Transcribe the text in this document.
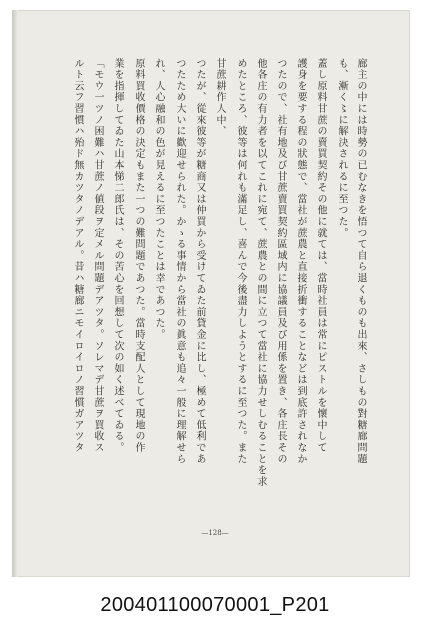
廊主の中には時勢の已むなきを悟つて自ら退くものも出來、さしもの對糖廊問題
も、漸く〻に解決されるに至つた。
蓋し原料甘蔗の賣買契約その他に就ては、當時社員は常にピストルを懷中して
護身を要する程の狀態で、當社が蔗農と直接折衝することなどは到底許されなか
つたので、社有地及び甘蔗賣買契約區域内に協議員及び用係を置き、各庄長その
他各庄の有力者を以てこれに宛て、蔗農との間に立つて當社に協力せしむることを求
めたところ、彼等は何れも滿足し、喜んで今後盡力しようとするに至つた。また
甘蔗耕作人中、
つたが、從來彼等が糖商又は仲買から受けてゐた前貸金に比し、極めて低利であ
つたため大いに歡迎せられた。かゝる事情から當社の眞意も追々一般に理解せら
れ、人心融和の色が見えるに至つたことは幸であつた。
原料買收價格の決定もまた一つの難問題であつた。當時支配人として現地の作
業を指揮してゐた山本悌二郎氏は、その苦心を回想して次の如く述べてゐる。
「モウ一ツノ困難ハ甘蔗ノ値段ヲ定メル問題デアツタ。ソレマデ甘蔗ヲ買收ス
ルト云フ習慣ハ殆ド無カツタノデアル。昔ハ糖廊ニモイロイロノ習慣ガアツタ
—128—
200401100070001_P201
